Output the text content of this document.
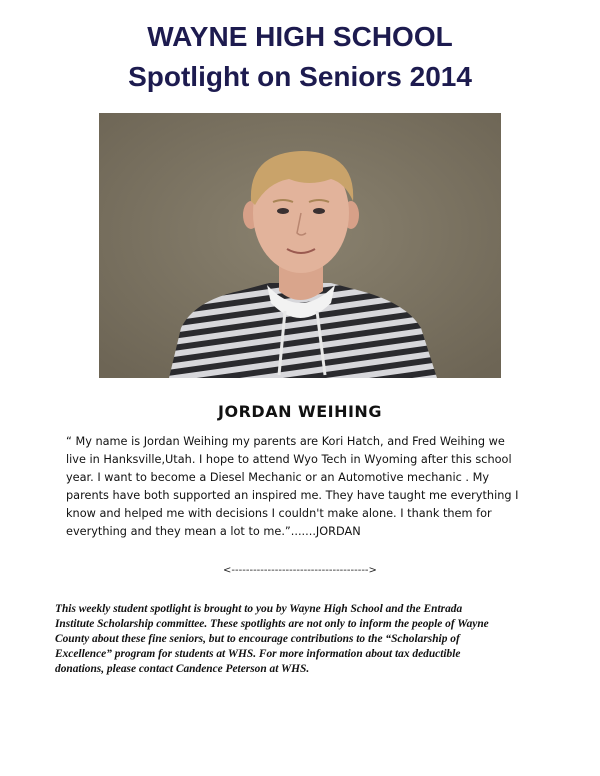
WAYNE HIGH SCHOOL
Spotlight on Seniors 2014
JORDAN WEIHING
“ My name is Jordan Weihing my parents are Kori Hatch, and Fred Weihing we
live in Hanksville,Utah. I hope to attend Wyo Tech in Wyoming after this school
year. I want to become a Diesel Mechanic or an Automotive mechanic . My
parents have both supported an inspired me. They have taught me everything I
know and helped me with decisions I couldn't make alone. I thank them for
everything and they mean a lot to me.”.......JORDAN
<-------------------------------------->
This weekly student spotlight is brought to you by Wayne High School and the Entrada
Institute Scholarship committee. These spotlights are not only to inform the people of Wayne
County about these fine seniors, but to encourage contributions to the “Scholarship of
Excellence” program for students at WHS. For more information about tax deductible
donations, please contact Candence Peterson at WHS.
